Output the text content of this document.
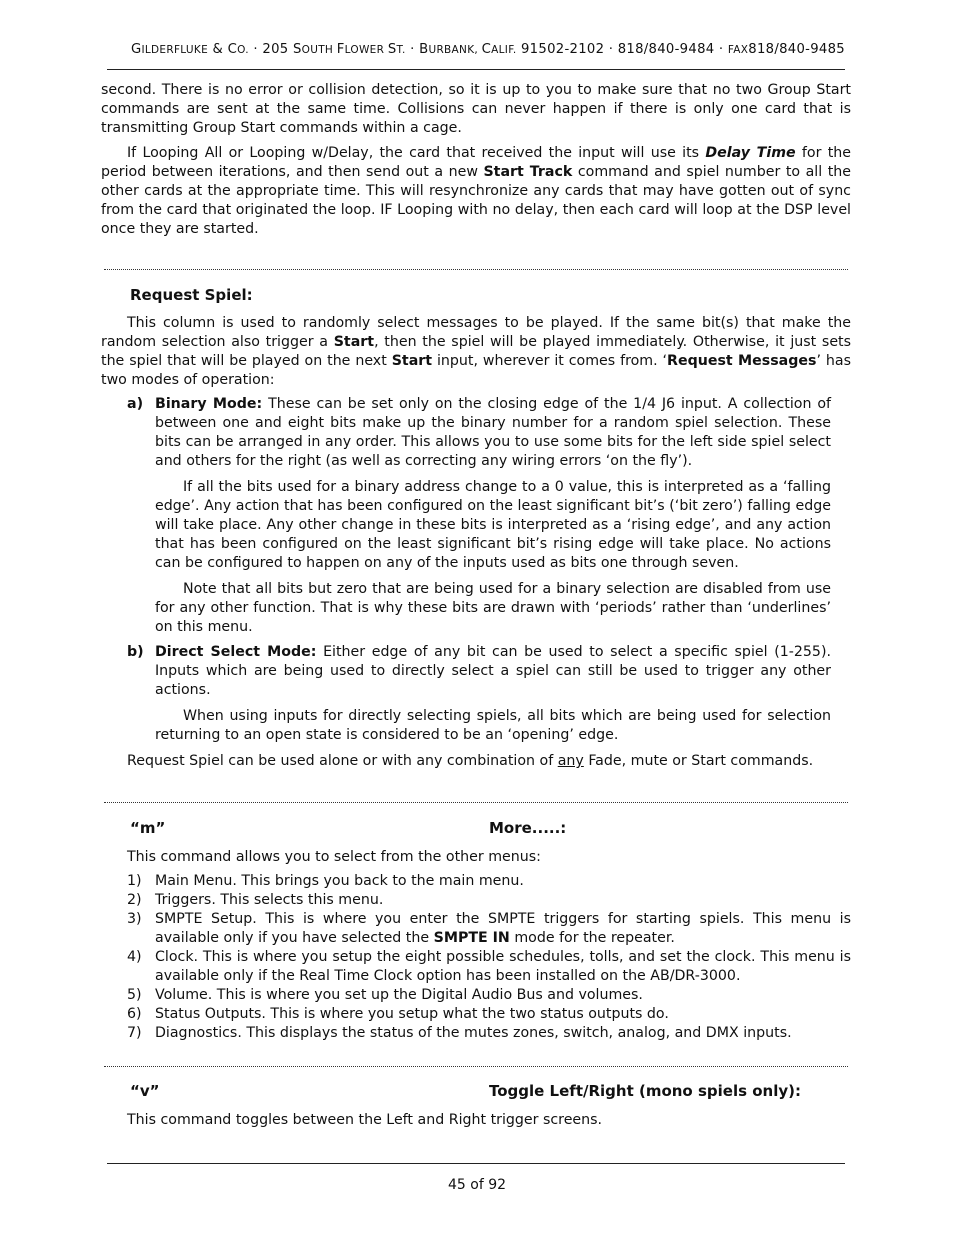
GILDERFLUKE & CO. · 205 SOUTH FLOWER ST. · BURBANK, CALIF. 91502-2102 · 818/840-9484 · FAX818/840-9485

second. There is no error or collision detection, so it is up to you to make sure that no two Group Start commands are sent at the same time. Collisions can never happen if there is only one card that is transmitting Group Start commands within a cage.

If Looping All or Looping w/Delay, the card that received the input will use its Delay Time for the period between iterations, and then send out a new Start Track command and spiel number to all the other cards at the appropriate time. This will resynchronize any cards that may have gotten out of sync from the card that originated the loop. IF Looping with no delay, then each card will loop at the DSP level once they are started.

Request Spiel:

This column is used to randomly select messages to be played. If the same bit(s) that make the random selection also trigger a Start, then the spiel will be played immediately. Otherwise, it just sets the spiel that will be played on the next Start input, wherever it comes from. ‘Request Messages’ has two modes of operation:

a) Binary Mode: These can be set only on the closing edge of the 1/4 J6 input. A collection of between one and eight bits make up the binary number for a random spiel selection. These bits can be arranged in any order. This allows you to use some bits for the left side spiel select and others for the right (as well as correcting any wiring errors ‘on the fly’).

If all the bits used for a binary address change to a 0 value, this is interpreted as a ‘falling edge’. Any action that has been configured on the least significant bit’s (‘bit zero’) falling edge will take place. Any other change in these bits is interpreted as a ‘rising edge’, and any action that has been configured on the least significant bit’s rising edge will take place. No actions can be configured to happen on any of the inputs used as bits one through seven.

Note that all bits but zero that are being used for a binary selection are disabled from use for any other function. That is why these bits are drawn with ‘periods’ rather than ‘underlines’ on this menu.

b) Direct Select Mode: Either edge of any bit can be used to select a specific spiel (1-255). Inputs which are being used to directly select a spiel can still be used to trigger any other actions.

When using inputs for directly selecting spiels, all bits which are being used for selection returning to an open state is considered to be an ‘opening’ edge.

Request Spiel can be used alone or with any combination of any Fade, mute or Start commands.

“m”	More.....:

This command allows you to select from the other menus:

1) Main Menu. This brings you back to the main menu.
2) Triggers. This selects this menu.
3) SMPTE Setup. This is where you enter the SMPTE triggers for starting spiels. This menu is available only if you have selected the SMPTE IN mode for the repeater.
4) Clock. This is where you setup the eight possible schedules, tolls, and set the clock. This menu is available only if the Real Time Clock option has been installed on the AB/DR-3000.
5) Volume. This is where you set up the Digital Audio Bus and volumes.
6) Status Outputs. This is where you setup what the two status outputs do.
7) Diagnostics. This displays the status of the mutes zones, switch, analog, and DMX inputs.
“v”	Toggle Left/Right (mono spiels only):

This command toggles between the Left and Right trigger screens.

45 of 92
